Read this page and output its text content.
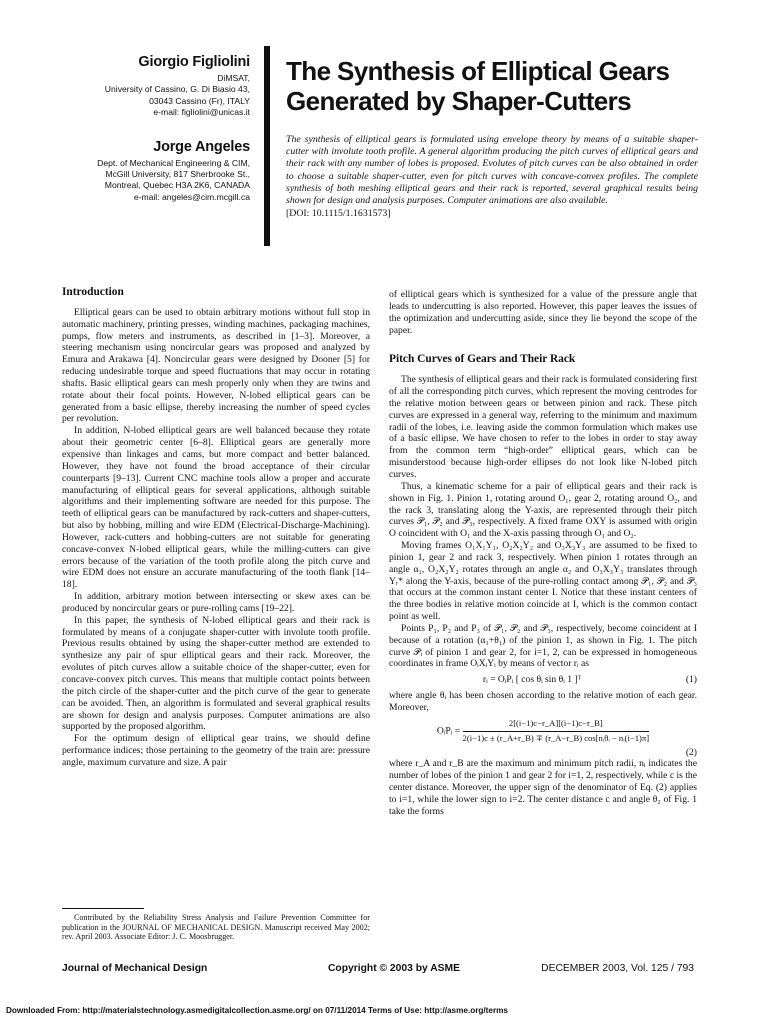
Giorgio Figliolini

DiMSAT,

University of Cassino, G. Di Biasio 43,

03043 Cassino (Fr), ITALY

e-mail: figliolini@unicas.it

Jorge Angeles

Dept. of Mechanical Engineering & CIM,

McGill University, 817 Sherbrooke St.,

Montreal, Quebec H3A 2K6, CANADA

e-mail: angeles@cim.mcgill.ca

The Synthesis of Elliptical Gears Generated by Shaper-Cutters

The synthesis of elliptical gears is formulated using envelope theory by means of a suitable shaper-cutter with involute tooth profile. A general algorithm producing the pitch curves of elliptical gears and their rack with any number of lobes is proposed. Evolutes of pitch curves can be also obtained in order to choose a suitable shaper-cutter, even for pitch curves with concave-convex profiles. The complete synthesis of both meshing elliptical gears and their rack is reported, several graphical results being shown for design and analysis purposes. Computer animations are also available.

[DOI: 10.1115/1.1631573]

Introduction

Elliptical gears can be used to obtain arbitrary motions without full stop in automatic machinery, printing presses, winding machines, packaging machines, pumps, flow meters and instruments, as described in [1–3]. Moreover, a steering mechanism using noncircular gears was proposed and analyzed by Emura and Arakawa [4]. Noncircular gears were designed by Dooner [5] for reducing undesirable torque and speed fluctuations that may occur in rotating shafts. Basic elliptical gears can mesh properly only when they are twins and rotate about their focal points. However, N-lobed elliptical gears can be generated from a basic ellipse, thereby increasing the number of speed cycles per revolution.

In addition, N-lobed elliptical gears are well balanced because they rotate about their geometric center [6–8]. Elliptical gears are generally more expensive than linkages and cams, but more compact and better balanced. However, they have not found the broad acceptance of their circular counterparts [9–13]. Current CNC machine tools allow a proper and accurate manufacturing of elliptical gears for several applications, although suitable algorithms and their implementing software are needed for this purpose. The teeth of elliptical gears can be manufactured by rack-cutters and shaper-cutters, but also by hobbing, milling and wire EDM (Electrical-Discharge-Machining). However, rack-cutters and hobbing-cutters are not suitable for generating concave-convex N-lobed elliptical gears, while the milling-cutters can give errors because of the variation of the tooth profile along the pitch curve and wire EDM does not ensure an accurate manufacturing of the tooth flank [14–18].

In addition, arbitrary motion between intersecting or skew axes can be produced by noncircular gears or pure-rolling cams [19–22].

In this paper, the synthesis of N-lobed elliptical gears and their rack is formulated by means of a conjugate shaper-cutter with involute tooth profile. Previous results obtained by using the shaper-cutter method are extended to synthesize any pair of spur elliptical gears and their rack. Moreover, the evolutes of pitch curves allow a suitable choice of the shaper-cutter, even for concave-convex pitch curves. This means that multiple contact points between the pitch circle of the shaper-cutter and the pitch curve of the gear to generate can be avoided. Then, an algorithm is formulated and several graphical results are shown for design and analysis purposes. Computer animations are also supported by the proposed algorithm.

For the optimum design of elliptical gear trains, we should define performance indices; those pertaining to the geometry of the train are: pressure angle, maximum curvature and size. A pair

Contributed by the Reliability Stress Analysis and Failure Prevention Committee for publication in the JOURNAL OF MECHANICAL DESIGN. Manuscript received May 2002; rev. April 2003. Associate Editor: J. C. Moosbrugger.

of elliptical gears which is synthesized for a value of the pressure angle that leads to undercutting is also reported. However, this paper leaves the issues of the optimization and undercutting aside, since they lie beyond the scope of the paper.

Pitch Curves of Gears and Their Rack

The synthesis of elliptical gears and their rack is formulated considering first of all the corresponding pitch curves, which represent the moving centrodes for the relative motion between gears or between pinion and rack. These pitch curves are expressed in a general way, referring to the minimum and maximum radii of the lobes, i.e. leaving aside the common formulation which makes use of a basic ellipse. We have chosen to refer to the lobes in order to stay away from the common term “high-order” elliptical gears, which can be misunderstood because high-order ellipses do not look like N-lobed pitch curves.

Thus, a kinematic scheme for a pair of elliptical gears and their rack is shown in Fig. 1. Pinion 1, rotating around O₁, gear 2, rotating around O₂, and the rack 3, translating along the Y-axis, are represented through their pitch curves 𝒫₁, 𝒫₂ and 𝒫₃, respectively. A fixed frame OXY is assumed with origin O coincident with O₁ and the X-axis passing through O₁ and O₂.

Moving frames O₁X₁Y₁, O₂X₂Y₂ and O₃X₃Y₃ are assumed to be fixed to pinion 1, gear 2 and rack 3, respectively. When pinion 1 rotates through an angle α₁, O₂X₂Y₂ rotates through an angle α₂ and O₃X₃Y₃ translates through Yᵣ* along the Y-axis, because of the pure-rolling contact among 𝒫₁, 𝒫₂ and 𝒫₃ that occurs at the common instant center I. Notice that these instant centers of the three bodies in relative motion coincide at I, which is the common contact point as well.

Points P₁, P₂ and P₃ of 𝒫₁, 𝒫₂ and 𝒫₃, respectively, become coincident at I because of a rotation (α₁+θ₁) of the pinion 1, as shown in Fig. 1. The pitch curve 𝒫ᵢ of pinion 1 and gear 2, for i=1, 2, can be expressed in homogeneous coordinates in frame OᵢXᵢYᵢ by means of vector rᵢ as

rᵢ = OᵢPᵢ [ cos θᵢ sin θᵢ 1 ]ᵀ	(1)

where angle θᵢ has been chosen according to the relative motion of each gear. Moreover,

OᵢPᵢ = $\frac{2[(i-1)c-r\_A][(i-1)c-r\_B]}{\text{2(i−1)c ± (r\_A+r\_B) ∓ (r\_A−r\_B) cos[nᵢθᵢ − nᵢ(i−1)π]}}$
(2)

where r_A and r_B are the maximum and minimum pitch radii, nᵢ indicates the number of lobes of the pinion 1 and gear 2 for i=1, 2, respectively, while c is the center distance. Moreover, the upper sign of the denominator of Eq. (2) applies to i=1, while the lower sign to i=2. The center distance c and angle θ₂ of Fig. 1 take the forms

Journal of Mechanical Design	Copyright © 2003 by ASME	DECEMBER 2003, Vol. 125 / 793
Downloaded From: http://materialstechnology.asmedigitalcollection.asme.org/ on 07/11/2014 Terms of Use: http://asme.org/terms
